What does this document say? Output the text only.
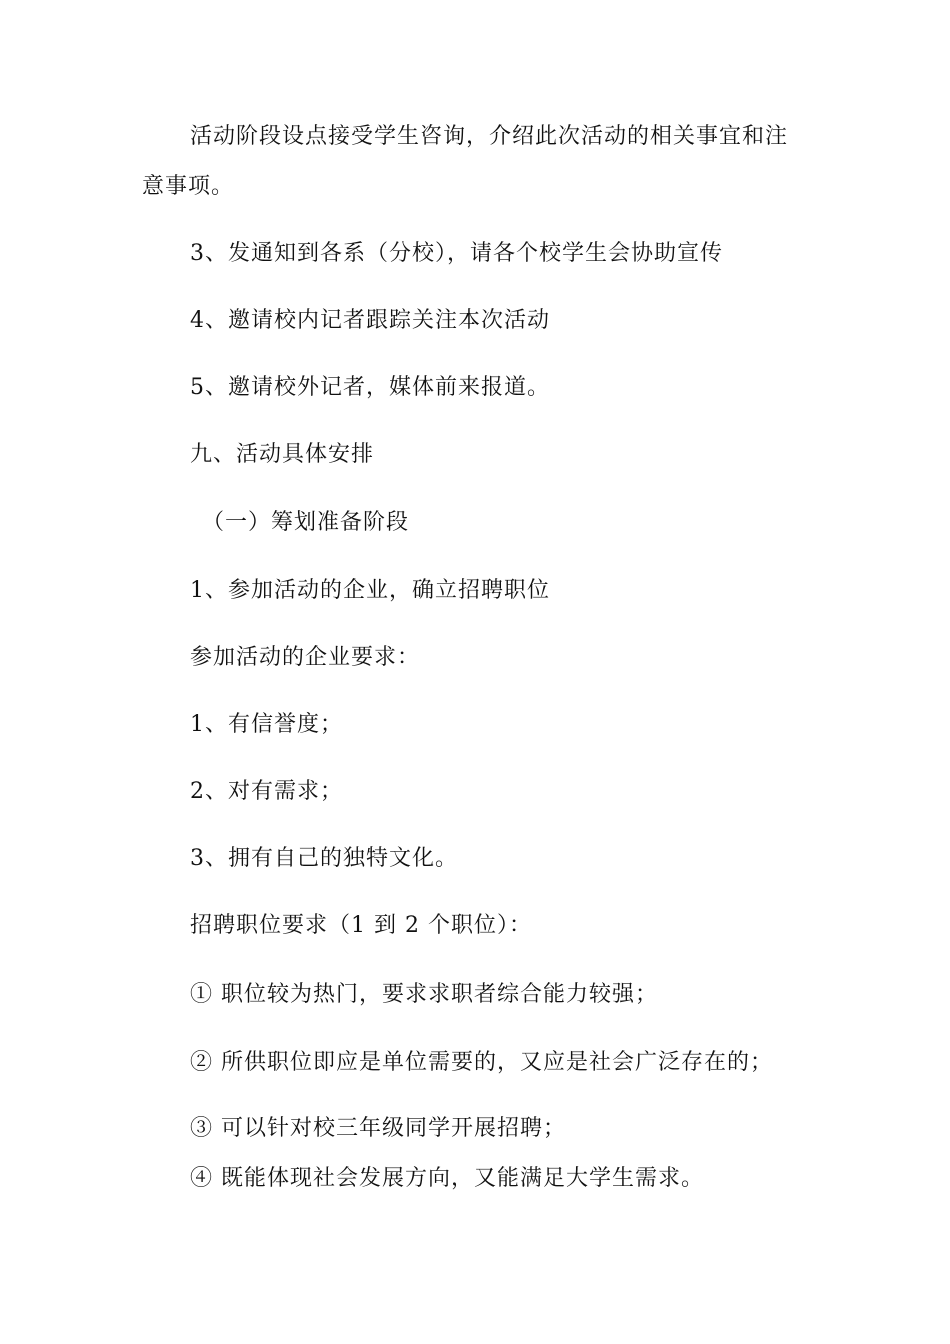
活动阶段设点接受学生咨询，介绍此次活动的相关事宜和注
意事项。
3、发通知到各系（分校），请各个校学生会协助宣传
4、邀请校内记者跟踪关注本次活动
5、邀请校外记者，媒体前来报道。
九、活动具体安排
（一）筹划准备阶段
1、参加活动的企业，确立招聘职位
参加活动的企业要求：
1、有信誉度；
2、对有需求；
3、拥有自己的独特文化。
招聘职位要求（1 到 2 个职位）：
① 职位较为热门，要求求职者综合能力较强；
② 所供职位即应是单位需要的，又应是社会广泛存在的；
③ 可以针对校三年级同学开展招聘；
④ 既能体现社会发展方向，又能满足大学生需求。
